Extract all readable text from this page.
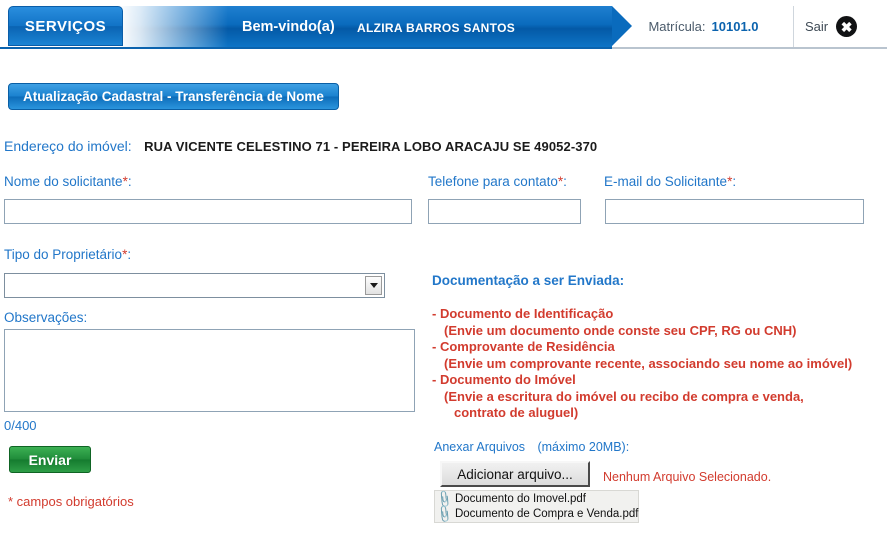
SERVIÇOS	Bem-vindo(a) ALZIRA BARROS SANTOS	Matrícula: 10101.0	Sair ✖
Atualização Cadastral - Transferência de Nome
Endereço do imóvel: RUA VICENTE CELESTINO 71 - PEREIRA LOBO ARACAJU SE 49052-370
Nome do solicitante*:	Telefone para contato*:	E-mail do Solicitante*:
Tipo do Proprietário*:
Observações:
0/400
Enviar
* campos obrigatórios
Documentação a ser Enviada:
- Documento de Identificação
(Envie um documento onde conste seu CPF, RG ou CNH)
- Comprovante de Residência
(Envie um comprovante recente, associando seu nome ao imóvel)
- Documento do Imóvel
(Envie a escritura do imóvel ou recibo de compra e venda,
contrato de aluguel)
Anexar Arquivos (máximo 20MB):
Adicionar arquivo... Nenhum Arquivo Selecionado.
📎 Documento do Imovel.pdf
📎 Documento de Compra e Venda.pdf
